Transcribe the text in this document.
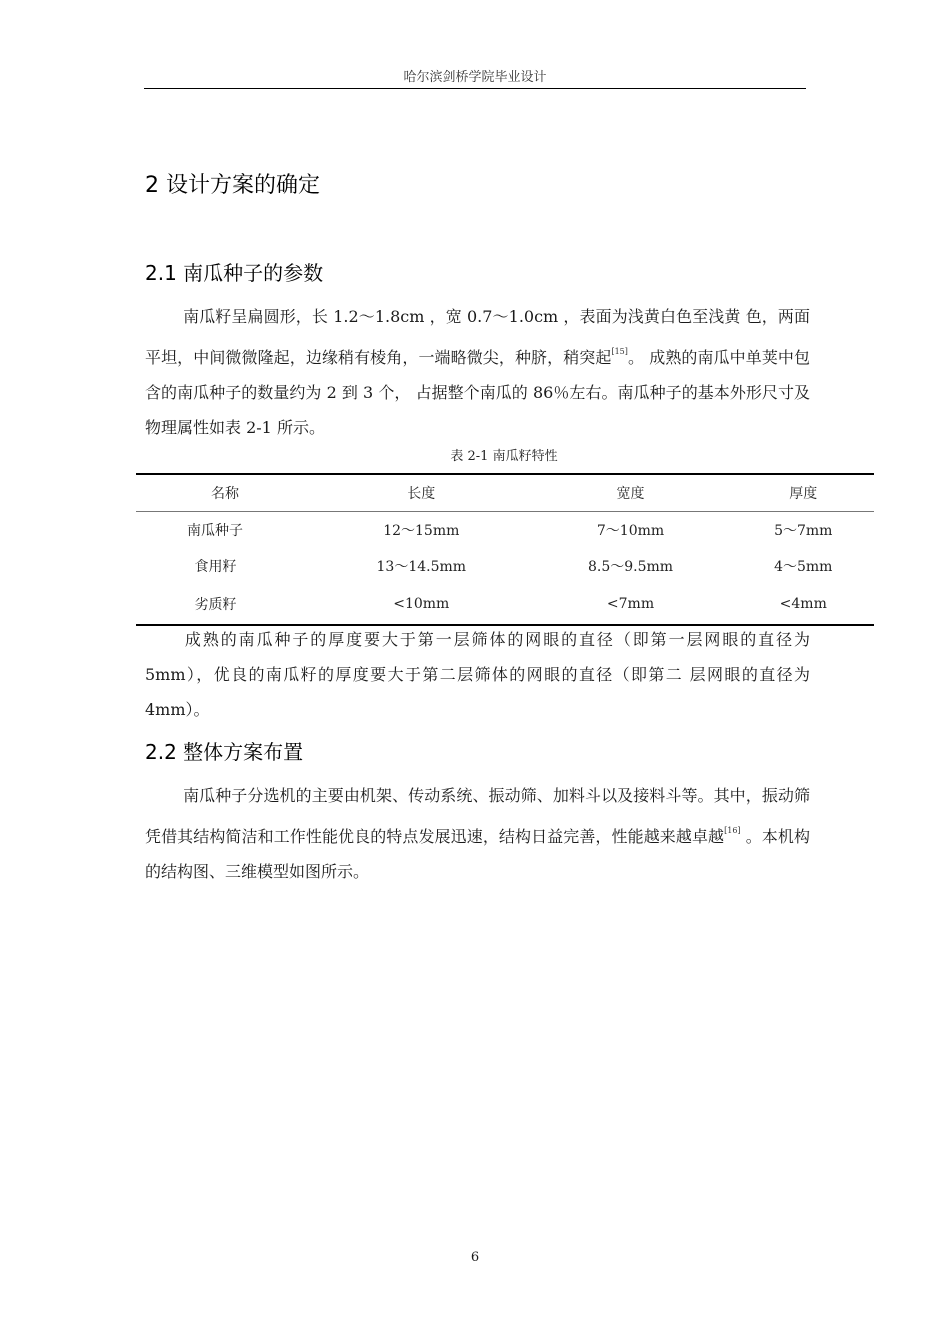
哈尔滨剑桥学院毕业设计
2 设计方案的确定
2.1 南瓜种子的参数
南瓜籽呈扁圆形，长 1.2～1.8cm ，宽 0.7～1.0cm ，表面为浅黄白色至浅黄 色，两面平坦，中间微微隆起，边缘稍有棱角，一端略微尖，种脐，稍突起[15]。 成熟的南瓜中单荚中包含的南瓜种子的数量约为 2 到 3 个， 占据整个南瓜的 86％左右。南瓜种子的基本外形尺寸及物理属性如表 2-1 所示。
表 2-1 南瓜籽特性
名称	长度	宽度	厚度
南瓜种子	12～15mm	7～10mm	5～7mm
食用籽	13～14.5mm	8.5～9.5mm	4～5mm
劣质籽	<10mm	<7mm	<4mm
成熟的南瓜种子的厚度要大于第一层筛体的网眼的直径（即第一层网眼的直径为 5mm），优良的南瓜籽的厚度要大于第二层筛体的网眼的直径（即第二 层网眼的直径为 4mm）。
2.2 整体方案布置
南瓜种子分选机的主要由机架、传动系统、振动筛、加料斗以及接料斗等。其中，振动筛凭借其结构简洁和工作性能优良的特点发展迅速，结构日益完善，性能越来越卓越[16] 。本机构的结构图、三维模型如图所示。
6
